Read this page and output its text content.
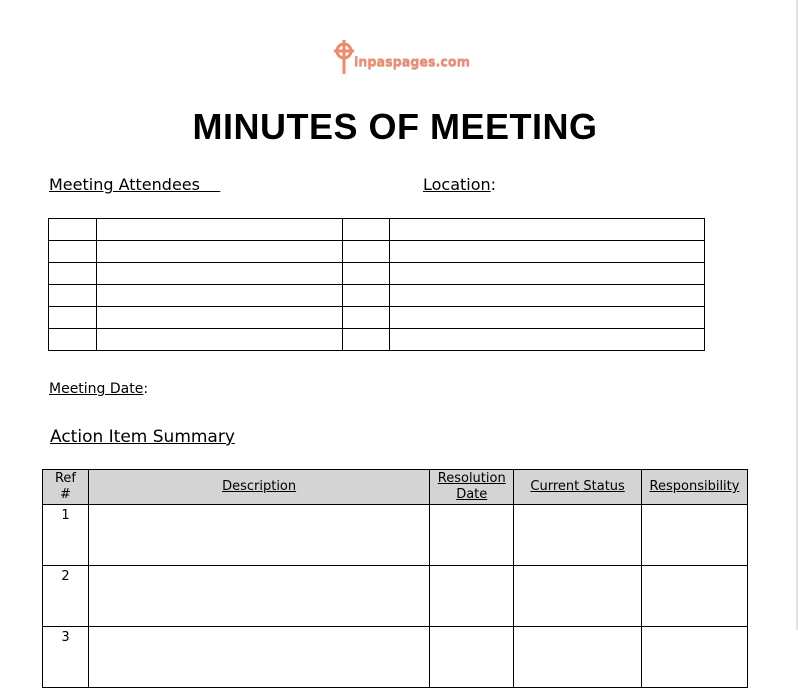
inpaspages.com
MINUTES OF MEETING
Meeting Attendees	Location:

Meeting Date:
Action Item Summary
Ref #	Description	Resolution Date	Current Status	Responsibility
1				
2				
3				
